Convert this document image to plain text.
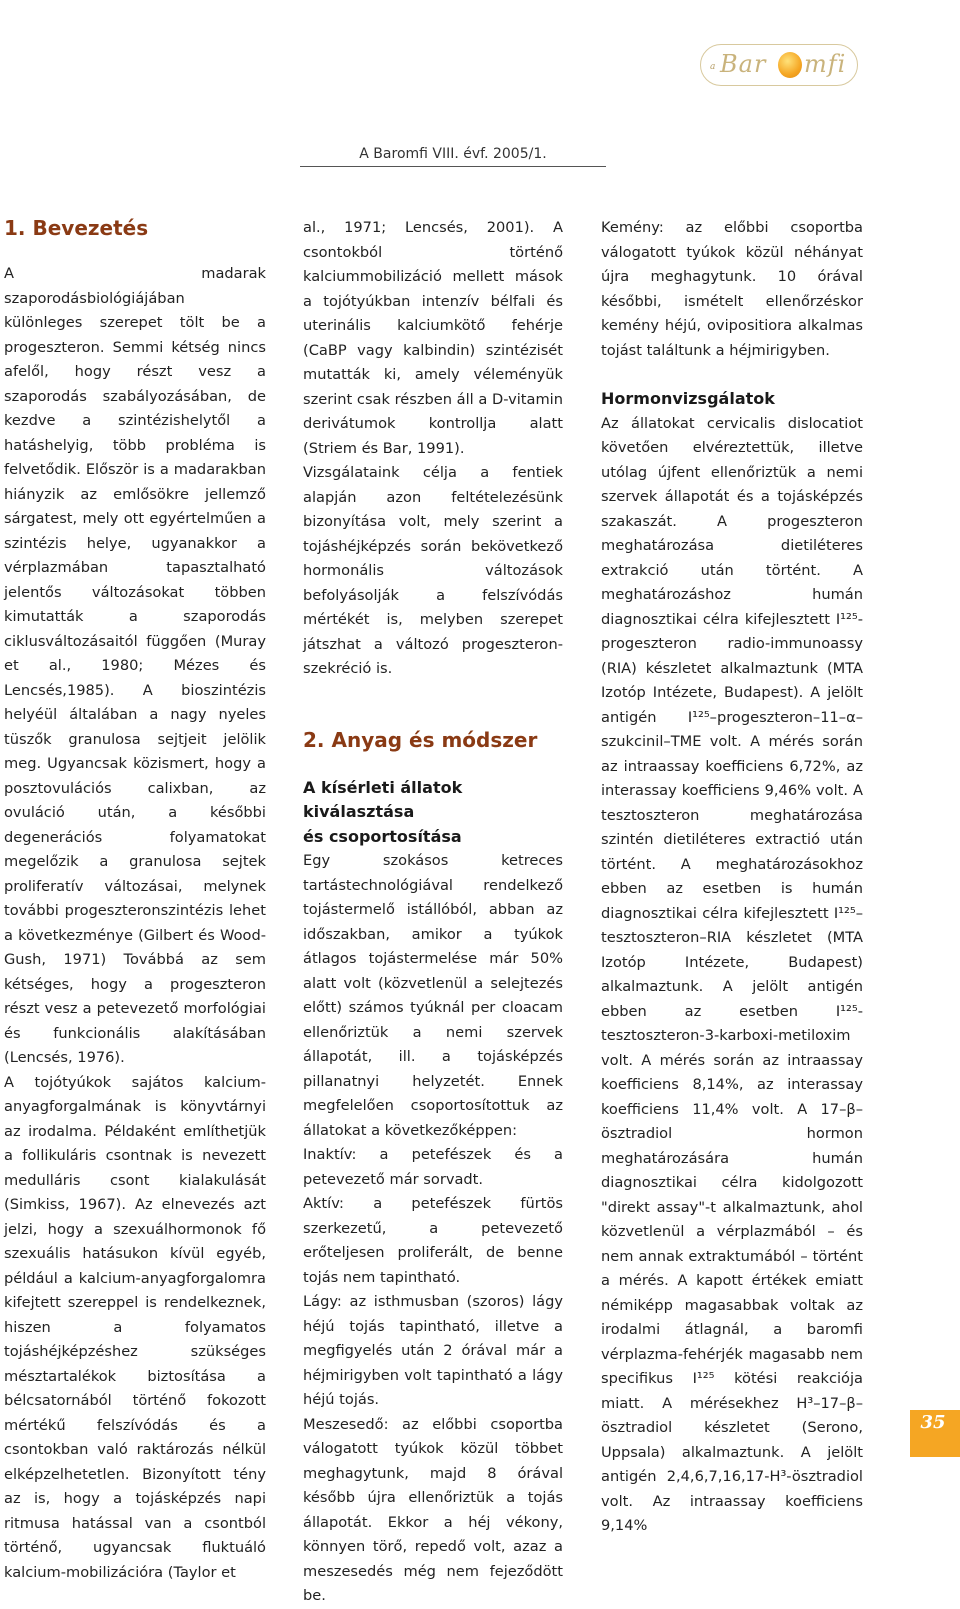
a Bar mfi
A Baromfi VIII. évf. 2005/1.
1. Bevezetés

A madarak szaporodásbiológiájában különleges szerepet tölt be a progeszteron. Semmi kétség nincs afelől, hogy részt vesz a szaporodás szabályozásában, de kezdve a szintézishelytől a hatáshelyig, több probléma is felvetődik. Először is a madarakban hiányzik az emlősökre jellemző sárgatest, mely ott egyértelműen a szintézis helye, ugyanakkor a vérplazmában tapasztalható jelentős változásokat többen kimutatták a szaporodás ciklusváltozásaitól függően (Muray et al., 1980; Mézes és Lencsés,1985). A bioszintézis helyéül általában a nagy nyeles tüszők granulosa sejtjeit jelölik meg. Ugyancsak közismert, hogy a posztovulációs calixban, az ovuláció után, a későbbi degenerációs folyamatokat megelőzik a granulosa sejtek proliferatív változásai, melynek további progeszteronszintézis lehet a következménye (Gilbert és Wood-Gush, 1971) Továbbá az sem kétséges, hogy a progeszteron részt vesz a petevezető morfológiai és funkcionális alakításában (Lencsés, 1976).

A tojótyúkok sajátos kalcium-anyagforgalmának is könyvtárnyi az irodalma. Példaként említhetjük a follikuláris csontnak is nevezett medulláris csont kialakulását (Simkiss, 1967). Az elnevezés azt jelzi, hogy a szexuálhormonok fő szexuális hatásukon kívül egyéb, például a kalcium-anyagforgalomra kifejtett szereppel is rendelkeznek, hiszen a folyamatos tojáshéjképzéshez szükséges mésztartalékok biztosítása a bélcsatornából történő fokozott mértékű felszívódás és a csontokban való raktározás nélkül elképzelhetetlen. Bizonyított tény az is, hogy a tojásképzés napi ritmusa hatással van a csontból történő, ugyancsak fluktuáló kalcium-mobilizációra (Taylor et

al., 1971; Lencsés, 2001). A csontokból történő kalciummobilizáció mellett mások a tojótyúkban intenzív bélfali és uterinális kalciumkötő fehérje (CaBP vagy kalbindin) szintézisét mutatták ki, amely véleményük szerint csak részben áll a D-vitamin derivátumok kontrollja alatt (Striem és Bar, 1991).

Vizsgálataink célja a fentiek alapján azon feltételezésünk bizonyítása volt, mely szerint a tojáshéjképzés során bekövetkező hormonális változások befolyásolják a felszívódás mértékét is, melyben szerepet játszhat a változó progeszteron-szekréció is.

2. Anyag és módszer
A kísérleti állatok
kiválasztása
és csoportosítása

Egy szokásos ketreces tartástechnológiával rendelkező tojástermelő istállóból, abban az időszakban, amikor a tyúkok átlagos tojástermelése már 50% alatt volt (közvetlenül a selejtezés előtt) számos tyúknál per cloacam ellenőriztük a nemi szervek állapotát, ill. a tojásképzés pillanatnyi helyzetét. Ennek megfelelően csoportosítottuk az állatokat a következőképpen:

Inaktív: a petefészek és a petevezető már sorvadt.

Aktív: a petefészek fürtös szerkezetű, a petevezető erőteljesen proliferált, de benne tojás nem tapintható.

Lágy: az isthmusban (szoros) lágy héjú tojás tapintható, illetve a megfigyelés után 2 órával már a héjmirigyben volt tapintható a lágy héjú tojás.

Meszesedő: az előbbi csoportba válogatott tyúkok közül többet meghagytunk, majd 8 órával később újra ellenőriztük a tojás állapotát. Ekkor a héj vékony, könnyen törő, repedő volt, azaz a meszesedés még nem fejeződött be.

Kemény: az előbbi csoportba válogatott tyúkok közül néhányat újra meghagytunk. 10 órával későbbi, ismételt ellenőrzéskor kemény héjú, ovipositiora alkalmas tojást találtunk a héjmirigyben.

Hormonvizsgálatok

Az állatokat cervicalis dislocatiot követően elvéreztettük, illetve utólag újfent ellenőriztük a nemi szervek állapotát és a tojásképzés szakaszát. A progeszteron meghatározása dietiléteres extrakció után történt. A meghatározáshoz humán diagnosztikai célra kifejlesztett I¹²⁵-progeszteron radio-immunoassy (RIA) készletet alkalmaztunk (MTA Izotóp Intézete, Budapest). A jelölt antigén I¹²⁵–progeszteron–11–α–szukcinil–TME volt. A mérés során az intraassay koefficiens 6,72%, az interassay koefficiens 9,46% volt. A tesztoszteron meghatározása szintén dietiléteres extractió után történt. A meghatározásokhoz ebben az esetben is humán diagnosztikai célra kifejlesztett I¹²⁵–tesztoszteron–RIA készletet (MTA Izotóp Intézete, Budapest) alkalmaztunk. A jelölt antigén ebben az esetben I¹²⁵-tesztoszteron-3-karboxi-metiloxim volt. A mérés során az intraassay koefficiens 8,14%, az interassay koefficiens 11,4% volt. A 17–β–ösztradiol hormon meghatározására humán diagnosztikai célra kidolgozott "direkt assay"-t alkalmaztunk, ahol közvetlenül a vérplazmából – és nem annak extraktumából – történt a mérés. A kapott értékek emiatt némiképp magasabbak voltak az irodalmi átlagnál, a baromfi vérplazma-fehérjék magasabb nem specifikus I¹²⁵ kötési reakciója miatt. A mérésekhez H³–17–β–ösztradiol készletet (Serono, Uppsala) alkalmaztunk. A jelölt antigén 2,4,6,7,16,17-H³-ösztradiol volt. Az intraassay koefficiens 9,14%

35
